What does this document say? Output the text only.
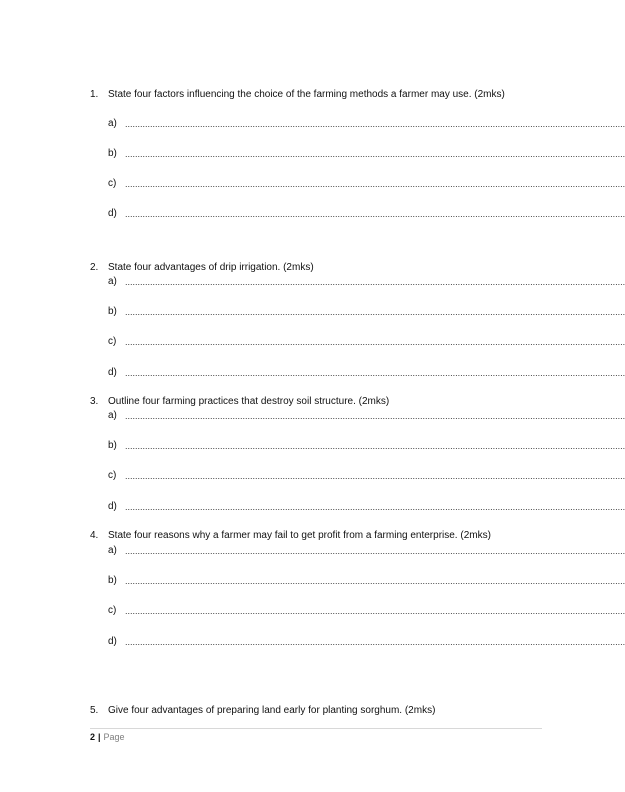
1. State four factors influencing the choice of the farming methods a farmer may use. (2mks)
a) ........................................................................................................................................................................................................
b) ........................................................................................................................................................................................................
c) ........................................................................................................................................................................................................
d) ........................................................................................................................................................................................................
2. State four advantages of drip irrigation. (2mks)
a) ........................................................................................................................................................................................................
b) ........................................................................................................................................................................................................
c) ........................................................................................................................................................................................................
d) ........................................................................................................................................................................................................
3. Outline four farming practices that destroy soil structure. (2mks)
a) ........................................................................................................................................................................................................
b) ........................................................................................................................................................................................................
c) ........................................................................................................................................................................................................
d) ........................................................................................................................................................................................................
4. State four reasons why a farmer may fail to get profit from a farming enterprise. (2mks)
a) ........................................................................................................................................................................................................
b) ........................................................................................................................................................................................................
c) ........................................................................................................................................................................................................
d) ........................................................................................................................................................................................................
5. Give four advantages of preparing land early for planting sorghum. (2mks)
2 | Page
